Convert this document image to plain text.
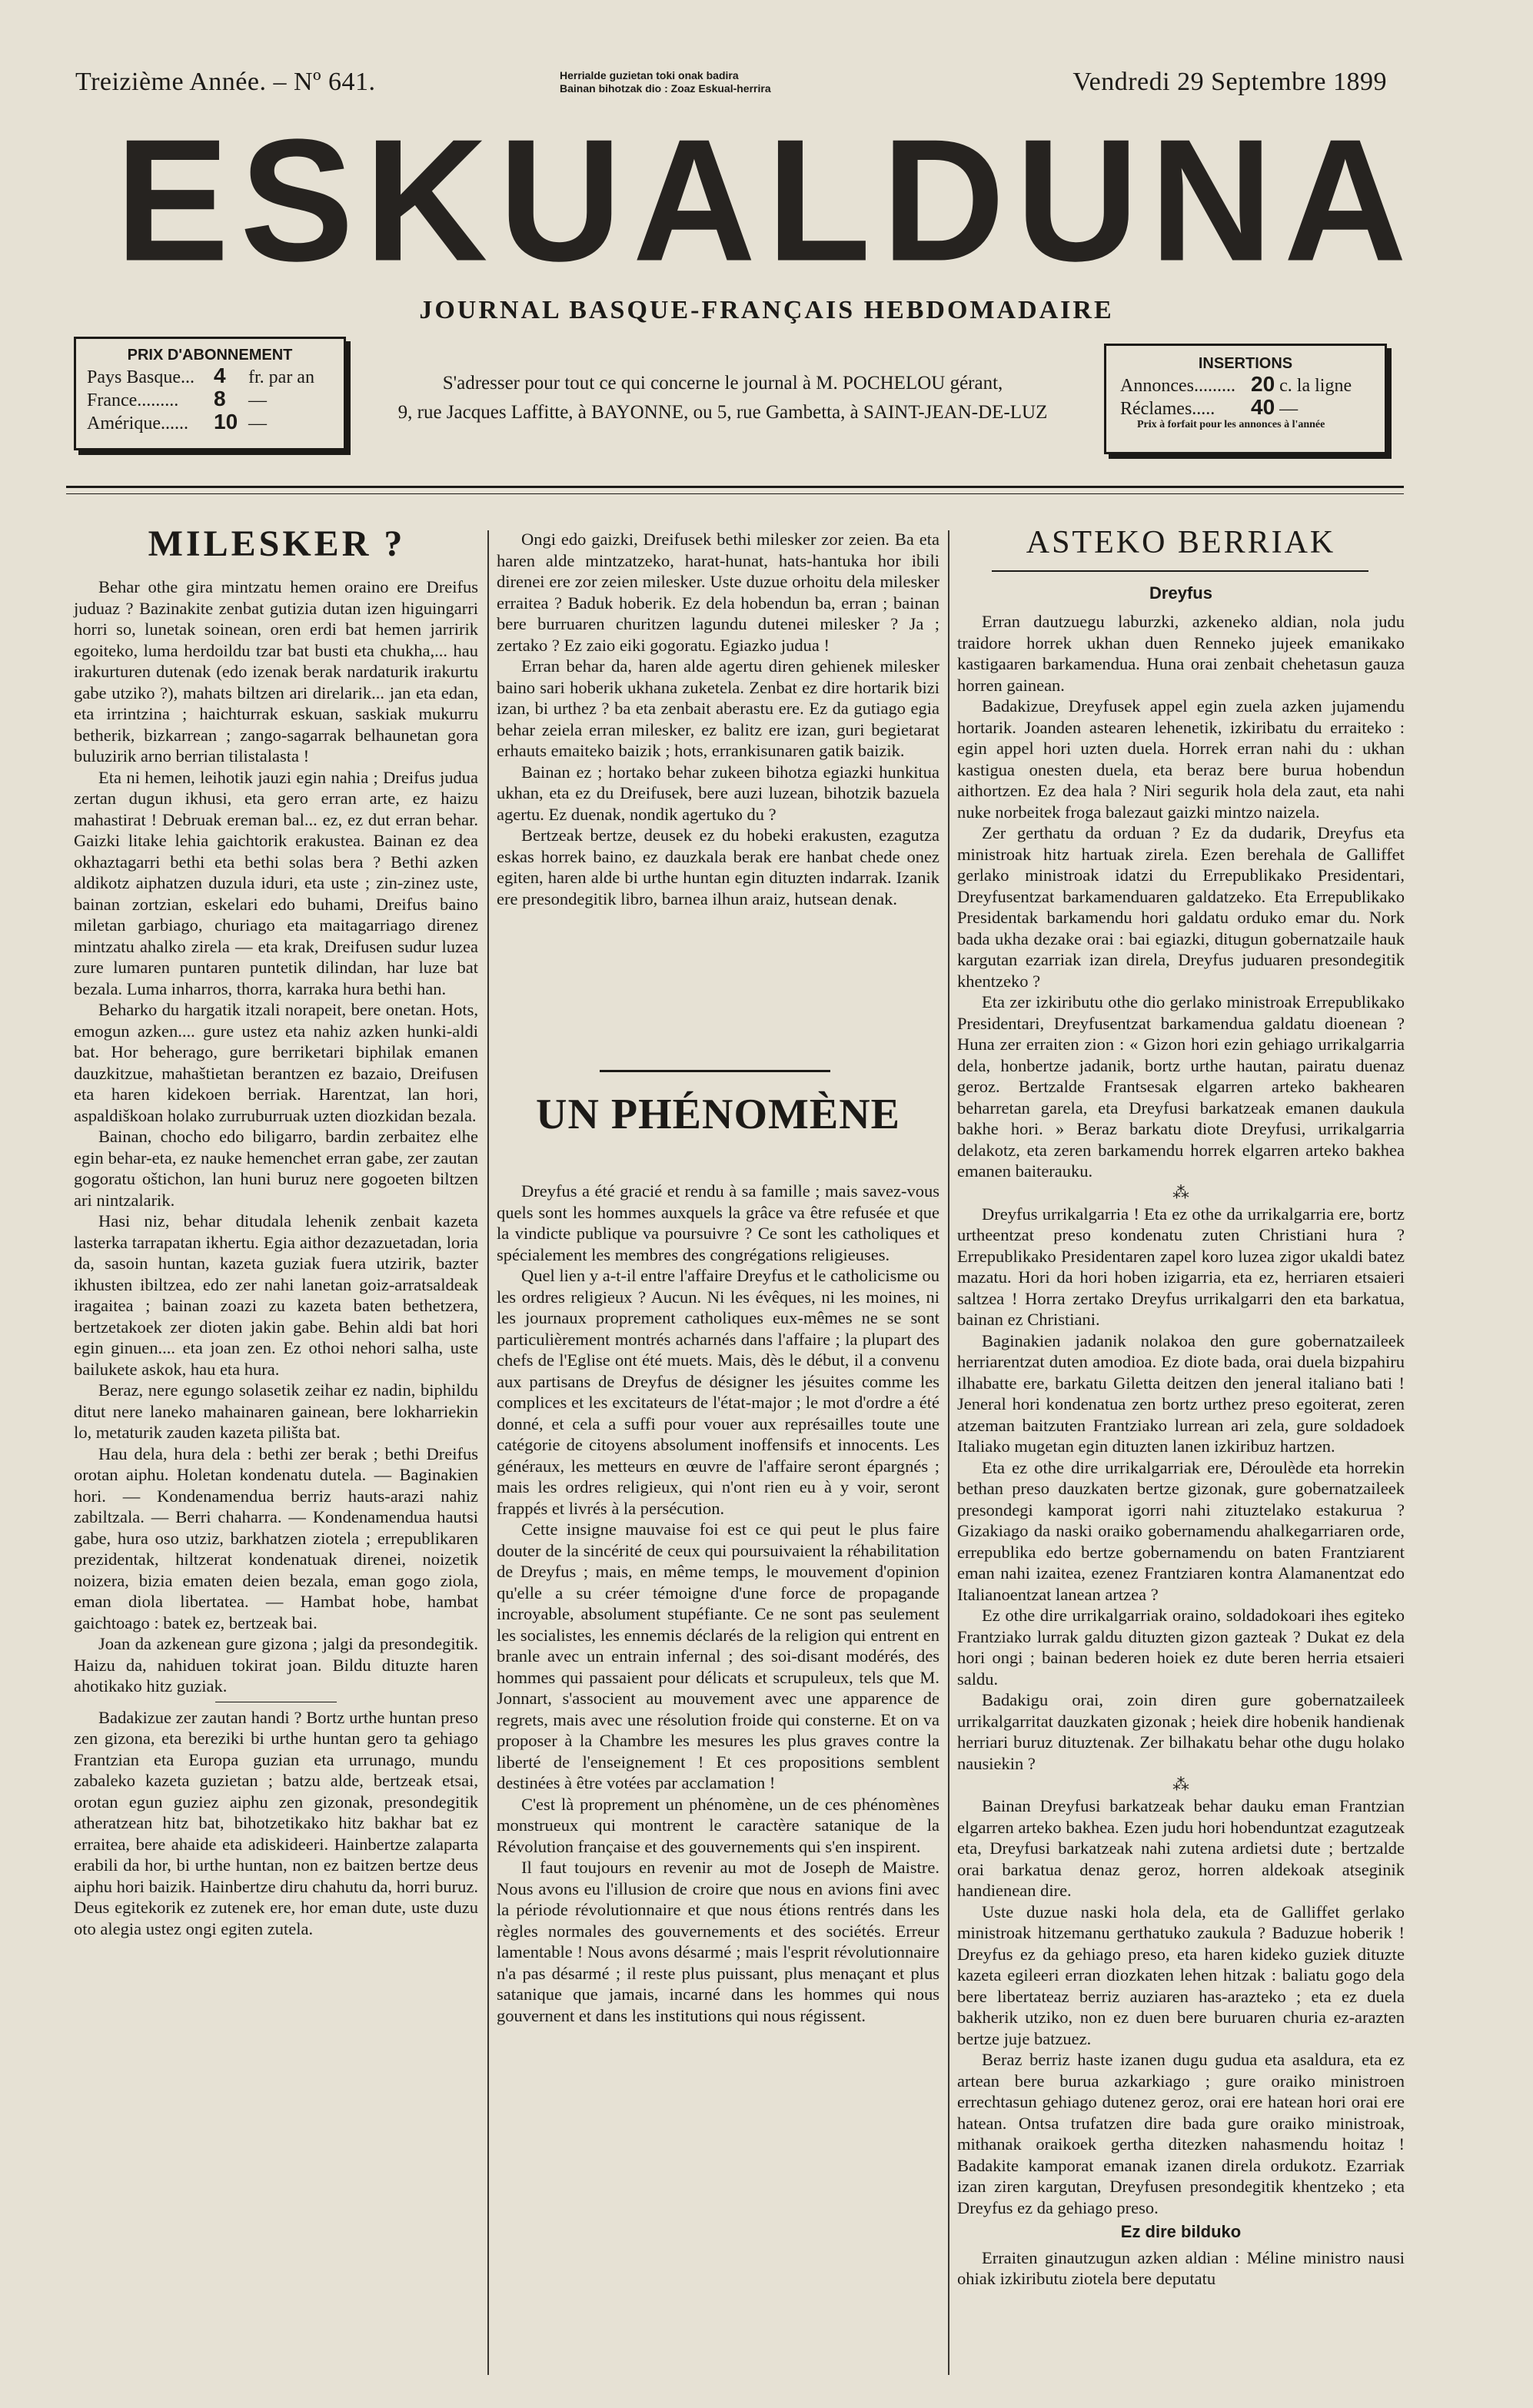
Treizième Année. – Nº 641.	Herrialde guzietan toki onak badira
Bainan bihotzak dio : Zoaz Eskual-herrira	Vendredi 29 Septembre 1899
ESKUALDUNA
JOURNAL BASQUE-FRANÇAIS HEBDOMADAIRE
PRIX D'ABONNEMENT
Pays Basque... 4 fr. par an
France......... 8 —
Amérique...... 10 —
S'adresser pour tout ce qui concerne le journal à M. POCHELOU gérant,
9, rue Jacques Laffitte, à BAYONNE, ou 5, rue Gambetta, à SAINT-JEAN-DE-LUZ
INSERTIONS
Annonces......... 20 c. la ligne
Réclames..... 40 —
Prix à forfait pour les annonces à l'année
MILESKER ?

Behar othe gira mintzatu hemen oraino ere Dreifus juduaz ? Bazinakite zenbat gutizia dutan izen higuingarri horri so, lunetak soinean, oren erdi bat hemen jarririk egoiteko, luma herdoildu tzar bat busti eta chukha,... hau irakurturen dutenak (edo izenak berak nardaturik irakurtu gabe utziko ?), mahats biltzen ari direlarik... jan eta edan, eta irrintzina ; haichturrak eskuan, saskiak mukurru betherik, bizkarrean ; zango-sagarrak belhaunetan gora buluzirik arno berrian tilistalasta !

Eta ni hemen, leihotik jauzi egin nahia ; Dreifus judua zertan dugun ikhusi, eta gero erran arte, ez haizu mahastirat ! Debruak ereman bal... ez, ez dut erran behar. Gaizki litake lehia gaichtorik erakustea. Bainan ez dea okhaztagarri bethi eta bethi solas bera ? Bethi azken aldikotz aiphatzen duzula iduri, eta uste ; zin-zinez uste, bainan zortzian, eskelari edo buhami, Dreifus baino miletan garbiago, churiago eta maitagarriago direnez mintzatu ahalko zirela — eta krak, Dreifusen sudur luzea zure lumaren puntaren puntetik dilindan, har luze bat bezala. Luma inharros, thorra, karraka hura bethi han.

Beharko du hargatik itzali norapeit, bere onetan. Hots, emogun azken.... gure ustez eta nahiz azken hunki-aldi bat. Hor beherago, gure berriketari biphilak emanen dauzkitzue, mahaštietan berantzen ez bazaio, Dreifusen eta haren kidekoen berriak. Harentzat, lan hori, aspaldiškoan holako zurruburruak uzten diozkidan bezala.

Bainan, chocho edo biligarro, bardin zerbaitez elhe egin behar-eta, ez nauke hemenchet erran gabe, zer zautan gogoratu oštichon, lan huni buruz nere gogoeten biltzen ari nintzalarik.

Hasi niz, behar ditudala lehenik zenbait kazeta lasterka tarrapatan ikhertu. Egia aithor dezazuetadan, loria da, sasoin huntan, kazeta guziak fuera utzirik, bazter ikhusten ibiltzea, edo zer nahi lanetan goiz-arratsaldeak iragaitea ; bainan zoazi zu kazeta baten bethetzera, bertzetakoek zer dioten jakin gabe. Behin aldi bat hori egin ginuen.... eta joan zen. Ez othoi nehori salha, uste bailukete askok, hau eta hura.

Beraz, nere egungo solasetik zeihar ez nadin, biphildu ditut nere laneko mahainaren gainean, bere lokharriekin lo, metaturik zauden kazeta pilišta bat.

Hau dela, hura dela : bethi zer berak ; bethi Dreifus orotan aiphu. Holetan kondenatu dutela. — Baginakien hori. — Kondenamendua berriz hauts-arazi nahiz zabiltzala. — Berri chaharra. — Kondenamendua hautsi gabe, hura oso utziz, barkhatzen ziotela ; errepublikaren prezidentak, hiltzerat kondenatuak direnei, noizetik noizera, bizia ematen deien bezala, eman gogo ziola, eman diola libertatea. — Hambat hobe, hambat gaichtoago : batek ez, bertzeak bai.

Joan da azkenean gure gizona ; jalgi da presondegitik. Haizu da, nahiduen tokirat joan. Bildu dituzte haren ahotikako hitz guziak.

Badakizue zer zautan handi ? Bortz urthe huntan preso zen gizona, eta bereziki bi urthe huntan gero ta gehiago Frantzian eta Europa guzian eta urrunago, mundu zabaleko kazeta guzietan ; batzu alde, bertzeak etsai, orotan egun guziez aiphu zen gizonak, presondegitik atheratzean hitz bat, bihotzetikako hitz bakhar bat ez erraitea, bere ahaide eta adiskideeri. Hainbertze zalaparta erabili da hor, bi urthe huntan, non ez baitzen bertze deus aiphu hori baizik. Hainbertze diru chahutu da, horri buruz. Deus egitekorik ez zutenek ere, hor eman dute, uste duzu oto alegia ustez ongi egiten zutela.

Ongi edo gaizki, Dreifusek bethi milesker zor zeien. Ba eta haren alde mintzatzeko, harat-hunat, hats-hantuka hor ibili direnei ere zor zeien milesker. Uste duzue orhoitu dela milesker erraitea ? Baduk hoberik. Ez dela hobendun ba, erran ; bainan bere burruaren churitzen lagundu dutenei milesker ? Ja ; zertako ? Ez zaio eiki gogoratu. Egiazko judua !

Erran behar da, haren alde agertu diren gehienek milesker baino sari hoberik ukhana zuketela. Zenbat ez dire hortarik bizi izan, bi urthez ? ba eta zenbait aberastu ere. Ez da gutiago egia behar zeiela erran milesker, ez balitz ere izan, guri begietarat erhauts emaiteko baizik ; hots, errankisunaren gatik baizik.

Bainan ez ; hortako behar zukeen bihotza egiazki hunkitua ukhan, eta ez du Dreifusek, bere auzi luzean, bihotzik bazuela agertu. Ez duenak, nondik agertuko du ?

Bertzeak bertze, deusek ez du hobeki erakusten, ezagutza eskas horrek baino, ez dauzkala berak ere hanbat chede onez egiten, haren alde bi urthe huntan egin dituzten indarrak. Izanik ere presondegitik libro, barnea ilhun araiz, hutsean denak.

UN PHÉNOMÈNE

Dreyfus a été gracié et rendu à sa famille ; mais savez-vous quels sont les hommes auxquels la grâce va être refusée et que la vindicte publique va poursuivre ? Ce sont les catholiques et spécialement les membres des congrégations religieuses.

Quel lien y a-t-il entre l'affaire Dreyfus et le catholicisme ou les ordres religieux ? Aucun. Ni les évêques, ni les moines, ni les journaux proprement catholiques eux-mêmes ne se sont particulièrement montrés acharnés dans l'affaire ; la plupart des chefs de l'Eglise ont été muets. Mais, dès le début, il a convenu aux partisans de Dreyfus de désigner les jésuites comme les complices et les excitateurs de l'état-major ; le mot d'ordre a été donné, et cela a suffi pour vouer aux représailles toute une catégorie de citoyens absolument inoffensifs et innocents. Les généraux, les metteurs en œuvre de l'affaire seront épargnés ; mais les ordres religieux, qui n'ont rien eu à y voir, seront frappés et livrés à la persécution.

Cette insigne mauvaise foi est ce qui peut le plus faire douter de la sincérité de ceux qui poursuivaient la réhabilitation de Dreyfus ; mais, en même temps, le mouvement d'opinion qu'elle a su créer témoigne d'une force de propagande incroyable, absolument stupéfiante. Ce ne sont pas seulement les socialistes, les ennemis déclarés de la religion qui entrent en branle avec un entrain infernal ; des soi-disant modérés, des hommes qui passaient pour délicats et scrupuleux, tels que M. Jonnart, s'associent au mouvement avec une apparence de regrets, mais avec une résolution froide qui consterne. Et on va proposer à la Chambre les mesures les plus graves contre la liberté de l'enseignement ! Et ces propositions semblent destinées à être votées par acclamation !

C'est là proprement un phénomène, un de ces phénomènes monstrueux qui montrent le caractère satanique de la Révolution française et des gouvernements qui s'en inspirent.

Il faut toujours en revenir au mot de Joseph de Maistre. Nous avons eu l'illusion de croire que nous en avions fini avec la période révolutionnaire et que nous étions rentrés dans les règles normales des gouvernements et des sociétés. Erreur lamentable ! Nous avons désarmé ; mais l'esprit révolutionnaire n'a pas désarmé ; il reste plus puissant, plus menaçant et plus satanique que jamais, incarné dans les hommes qui nous gouvernent et dans les institutions qui nous régissent.

ASTEKO BERRIAK
Dreyfus

Erran dautzuegu laburzki, azkeneko aldian, nola judu traidore horrek ukhan duen Renneko jujeek emanikako kastigaaren barkamendua. Huna orai zenbait chehetasun gauza horren gainean.

Badakizue, Dreyfusek appel egin zuela azken jujamendu hortarik. Joanden astearen lehenetik, izkiribatu du erraiteko : egin appel hori uzten duela. Horrek erran nahi du : ukhan kastigua onesten duela, eta beraz bere burua hobendun aithortzen. Ez dea hala ? Niri segurik hola dela zaut, eta nahi nuke norbeitek froga balezaut gaizki mintzo naizela.

Zer gerthatu da orduan ? Ez da dudarik, Dreyfus eta ministroak hitz hartuak zirela. Ezen berehala de Galliffet gerlako ministroak idatzi du Errepublikako Presidentari, Dreyfusentzat barkamenduaren galdatzeko. Eta Errepublikako Presidentak barkamendu hori galdatu orduko emar du. Nork bada ukha dezake orai : bai egiazki, ditugun gobernatzaile hauk kargutan ezarriak izan direla, Dreyfus juduaren presondegitik khentzeko ?

Eta zer izkiributu othe dio gerlako ministroak Errepublikako Presidentari, Dreyfusentzat barkamendua galdatu dioenean ? Huna zer erraiten zion : « Gizon hori ezin gehiago urrikalgarria dela, honbertze jadanik, bortz urthe hautan, pairatu duenaz geroz. Bertzalde Frantsesak elgarren arteko bakhearen beharretan garela, eta Dreyfusi barkatzeak emanen daukula bakhe hori. » Beraz barkatu diote Dreyfusi, urrikalgarria delakotz, eta zeren barkamendu horrek elgarren arteko bakhea emanen baiterauku.

⁂

Dreyfus urrikalgarria ! Eta ez othe da urrikalgarria ere, bortz urtheentzat preso kondenatu zuten Christiani hura ? Errepublikako Presidentaren zapel koro luzea zigor ukaldi batez mazatu. Hori da hori hoben izigarria, eta ez, herriaren etsaieri saltzea ! Horra zertako Dreyfus urrikalgarri den eta barkatua, bainan ez Christiani.

Baginakien jadanik nolakoa den gure gobernatzaileek herriarentzat duten amodioa. Ez diote bada, orai duela bizpahiru ilhabatte ere, barkatu Giletta deitzen den jeneral italiano bati ! Jeneral hori kondenatua zen bortz urthez preso egoiterat, zeren atzeman baitzuten Frantziako lurrean ari zela, gure soldadoek Italiako mugetan egin dituzten lanen izkiribuz hartzen.

Eta ez othe dire urrikalgarriak ere, Déroulède eta horrekin bethan preso dauzkaten bertze gizonak, gure gobernatzaileek presondegi kamporat igorri nahi zituztelako estakurua ? Gizakiago da naski oraiko gobernamendu ahalkegarriaren orde, errepublika edo bertze gobernamendu on baten Frantziarent eman nahi izaitea, ezenez Frantziaren kontra Alamanentzat edo Italianoentzat lanean artzea ?

Ez othe dire urrikalgarriak oraino, soldadokoari ihes egiteko Frantziako lurrak galdu dituzten gizon gazteak ? Dukat ez dela hori ongi ; bainan bederen hoiek ez dute beren herria etsaieri saldu.

Badakigu orai, zoin diren gure gobernatzaileek urrikalgarritat dauzkaten gizonak ; heiek dire hobenik handienak herriari buruz dituztenak. Zer bilhakatu behar othe dugu holako nausiekin ?

⁂

Bainan Dreyfusi barkatzeak behar dauku eman Frantzian elgarren arteko bakhea. Ezen judu hori hobenduntzat ezagutzeak eta, Dreyfusi barkatzeak nahi zutena ardietsi dute ; bertzalde orai barkatua denaz geroz, horren aldekoak atseginik handienean dire.

Uste duzue naski hola dela, eta de Galliffet gerlako ministroak hitzemanu gerthatuko zaukula ? Baduzue hoberik ! Dreyfus ez da gehiago preso, eta haren kideko guziek dituzte kazeta egileeri erran diozkaten lehen hitzak : baliatu gogo dela bere libertateaz berriz auziaren has-arazteko ; eta ez duela bakherik utziko, non ez duen bere buruaren churia ez-arazten bertze juje batzuez.

Beraz berriz haste izanen dugu gudua eta asaldura, eta ez artean bere burua azkarkiago ; gure oraiko ministroen errechtasun gehiago dutenez geroz, orai ere hatean hori orai ere hatean. Ontsa trufatzen dire bada gure oraiko ministroak, mithanak oraikoek gertha ditezken nahasmendu hoitaz ! Badakite kamporat emanak izanen direla ordukotz. Ezarriak izan ziren kargutan, Dreyfusen presondegitik khentzeko ; eta Dreyfus ez da gehiago preso.

Ez dire bilduko

Erraiten ginautzugun azken aldian : Méline ministro nausi ohiak izkiributu ziotela bere deputatu
